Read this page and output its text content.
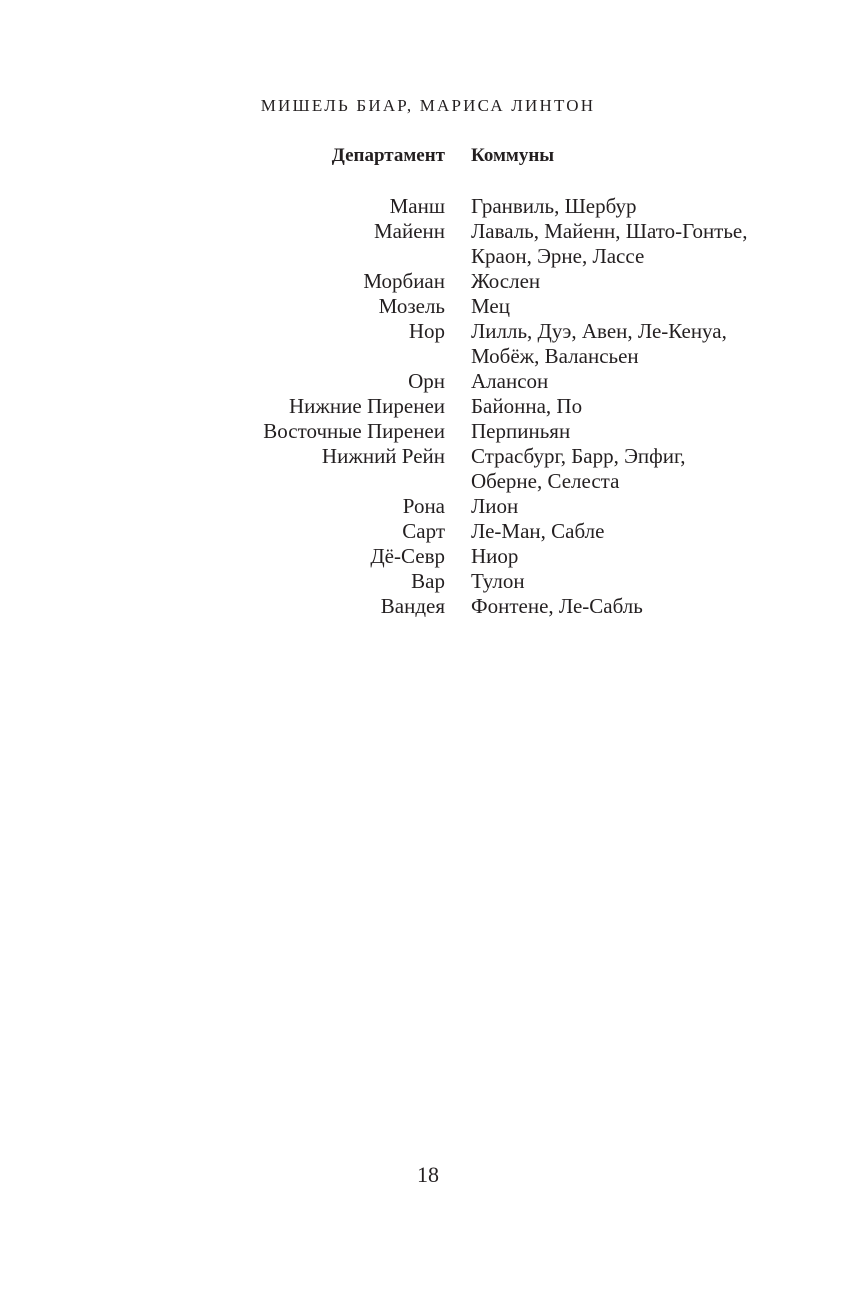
МИШЕЛЬ БИАР, МАРИСА ЛИНТОН
Департамент Коммуны
Манш Гранвиль, Шербур
Майенн Лаваль, Майенн, Шато-Гонтье,
Краон, Эрне, Лассе
Морбиан Жослен
Мозель Мец
Нор Лилль, Дуэ, Авен, Ле-Кенуа,
Мобёж, Валансьен
Орн Алансон
Нижние Пиренеи Байонна, По
Восточные Пиренеи Перпиньян
Нижний Рейн Страсбург, Барр, Эпфиг,
Оберне, Селеста
Рона Лион
Сарт Ле-Ман, Сабле
Дё-Севр Ниор
Вар Тулон
Вандея Фонтене, Ле-Сабль
18
